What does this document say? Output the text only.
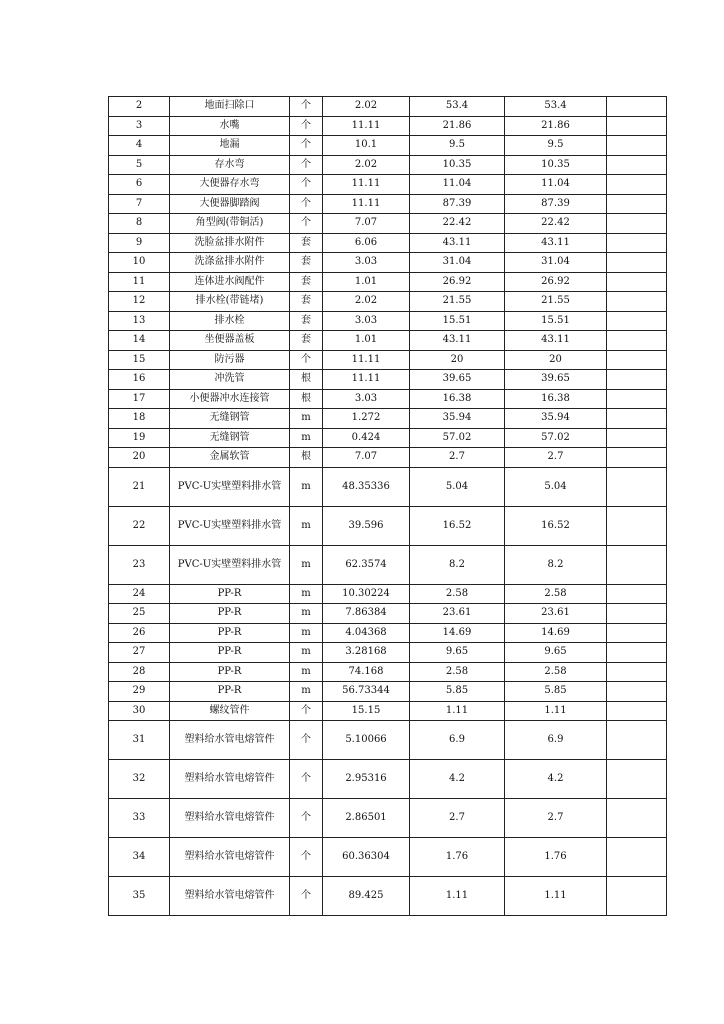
2	地面扫除口	个	2.02	53.4	53.4	
3	水嘴	个	11.11	21.86	21.86	
4	地漏	个	10.1	9.5	9.5	
5	存水弯	个	2.02	10.35	10.35	
6	大便器存水弯	个	11.11	11.04	11.04	
7	大便器脚踏阀	个	11.11	87.39	87.39	
8	角型阀(带铜活)	个	7.07	22.42	22.42	
9	洗脸盆排水附件	套	6.06	43.11	43.11	
10	洗涤盆排水附件	套	3.03	31.04	31.04	
11	连体进水阀配件	套	1.01	26.92	26.92	
12	排水栓(带链堵)	套	2.02	21.55	21.55	
13	排水栓	套	3.03	15.51	15.51	
14	坐便器盖板	套	1.01	43.11	43.11	
15	防污器	个	11.11	20	20	
16	冲洗管	根	11.11	39.65	39.65	
17	小便器冲水连接管	根	3.03	16.38	16.38	
18	无缝钢管	m	1.272	35.94	35.94	
19	无缝钢管	m	0.424	57.02	57.02	
20	金属软管	根	7.07	2.7	2.7	
21	PVC-U实壁塑料排水管	m	48.35336	5.04	5.04	
22	PVC-U实壁塑料排水管	m	39.596	16.52	16.52	
23	PVC-U实壁塑料排水管	m	62.3574	8.2	8.2	
24	PP-R	m	10.30224	2.58	2.58	
25	PP-R	m	7.86384	23.61	23.61	
26	PP-R	m	4.04368	14.69	14.69	
27	PP-R	m	3.28168	9.65	9.65	
28	PP-R	m	74.168	2.58	2.58	
29	PP-R	m	56.73344	5.85	5.85	
30	螺纹管件	个	15.15	1.11	1.11	
31	塑料给水管电熔管件	个	5.10066	6.9	6.9	
32	塑料给水管电熔管件	个	2.95316	4.2	4.2	
33	塑料给水管电熔管件	个	2.86501	2.7	2.7	
34	塑料给水管电熔管件	个	60.36304	1.76	1.76	
35	塑料给水管电熔管件	个	89.425	1.11	1.11	
